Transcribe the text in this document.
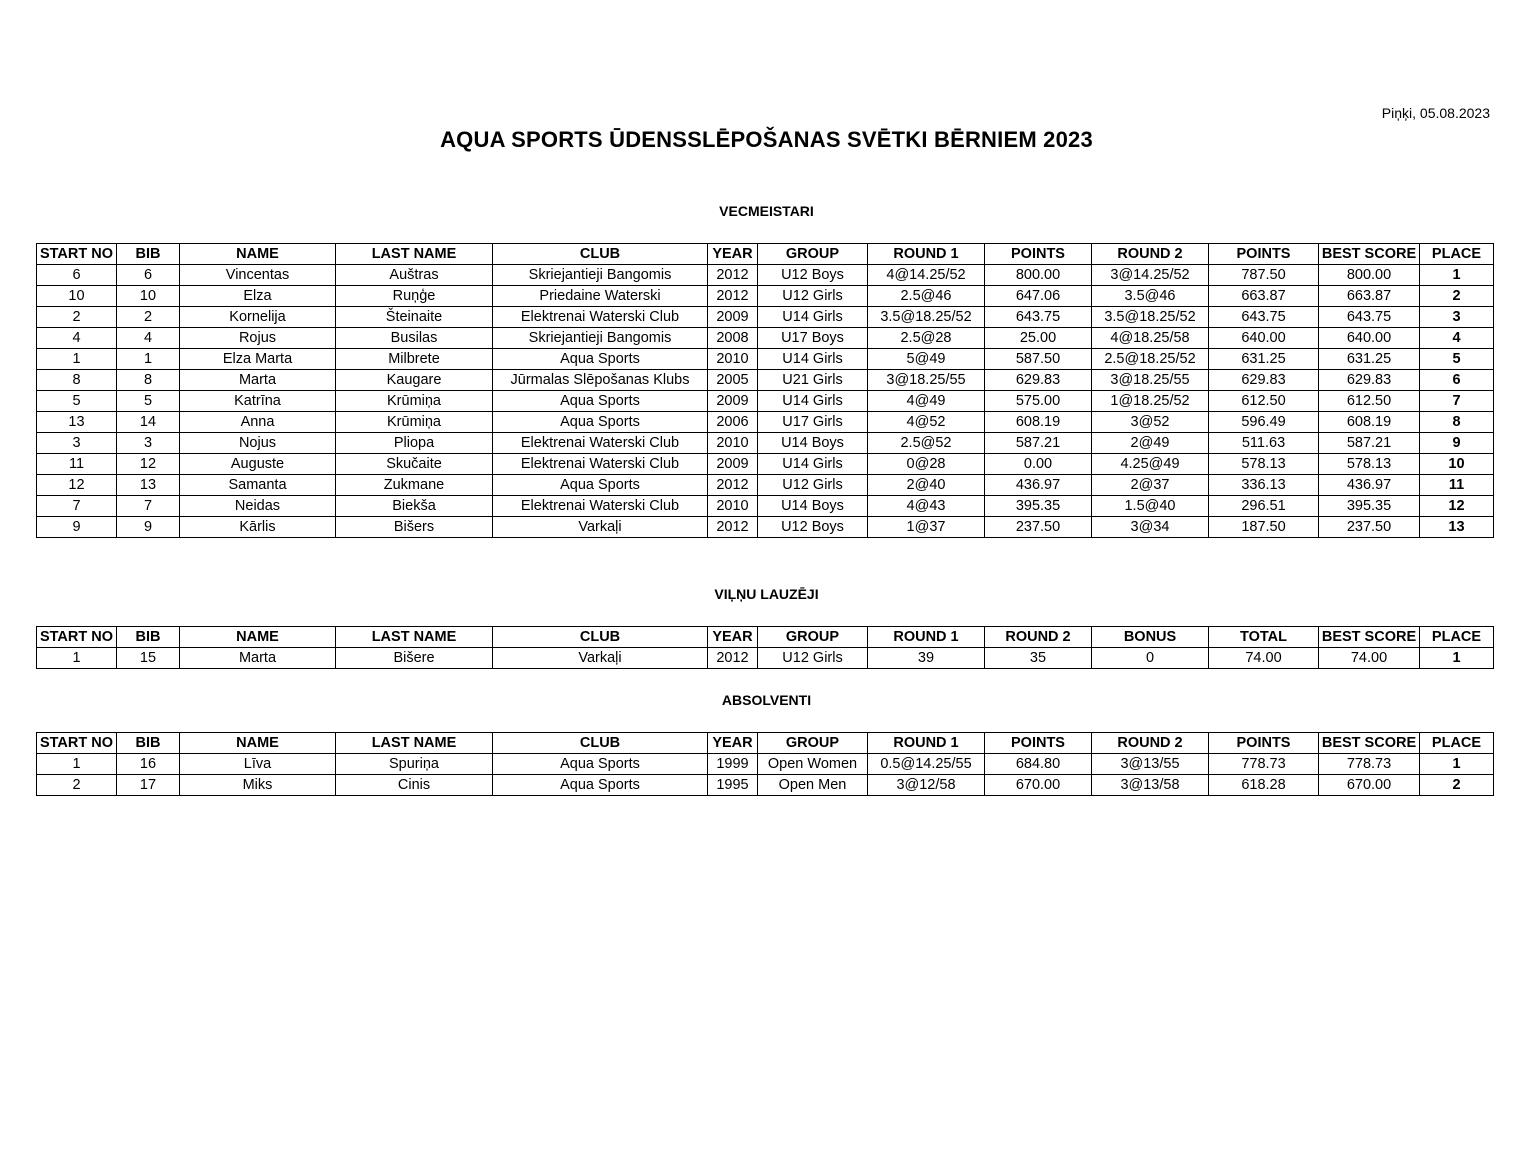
Piņķi, 05.08.2023
AQUA SPORTS ŪDENSSLĒPOŠANAS SVĒTKI BĒRNIEM 2023
VECMEISTARI
START NO	BIB	NAME	LAST NAME	CLUB	YEAR	GROUP	ROUND 1	POINTS	ROUND 2	POINTS	BEST SCORE	PLACE
6	6	Vincentas	Auštras	Skriejantieji Bangomis	2012	U12 Boys	4@14.25/52	800.00	3@14.25/52	787.50	800.00	1
10	10	Elza	Ruņģe	Priedaine Waterski	2012	U12 Girls	2.5@46	647.06	3.5@46	663.87	663.87	2
2	2	Kornelija	Šteinaite	Elektrenai Waterski Club	2009	U14 Girls	3.5@18.25/52	643.75	3.5@18.25/52	643.75	643.75	3
4	4	Rojus	Busilas	Skriejantieji Bangomis	2008	U17 Boys	2.5@28	25.00	4@18.25/58	640.00	640.00	4
1	1	Elza Marta	Milbrete	Aqua Sports	2010	U14 Girls	5@49	587.50	2.5@18.25/52	631.25	631.25	5
8	8	Marta	Kaugare	Jūrmalas Slēpošanas Klubs	2005	U21 Girls	3@18.25/55	629.83	3@18.25/55	629.83	629.83	6
5	5	Katrīna	Krūmiņa	Aqua Sports	2009	U14 Girls	4@49	575.00	1@18.25/52	612.50	612.50	7
13	14	Anna	Krūmiņa	Aqua Sports	2006	U17 Girls	4@52	608.19	3@52	596.49	608.19	8
3	3	Nojus	Pliopa	Elektrenai Waterski Club	2010	U14 Boys	2.5@52	587.21	2@49	511.63	587.21	9
11	12	Auguste	Skučaite	Elektrenai Waterski Club	2009	U14 Girls	0@28	0.00	4.25@49	578.13	578.13	10
12	13	Samanta	Zukmane	Aqua Sports	2012	U12 Girls	2@40	436.97	2@37	336.13	436.97	11
7	7	Neidas	Biekša	Elektrenai Waterski Club	2010	U14 Boys	4@43	395.35	1.5@40	296.51	395.35	12
9	9	Kārlis	Bišers	Varkaļi	2012	U12 Boys	1@37	237.50	3@34	187.50	237.50	13
VIĻŅU LAUZĒJI
START NO	BIB	NAME	LAST NAME	CLUB	YEAR	GROUP	ROUND 1	ROUND 2	BONUS	TOTAL	BEST SCORE	PLACE
1	15	Marta	Bišere	Varkaļi	2012	U12 Girls	39	35	0	74.00	74.00	1
ABSOLVENTI
START NO	BIB	NAME	LAST NAME	CLUB	YEAR	GROUP	ROUND 1	POINTS	ROUND 2	POINTS	BEST SCORE	PLACE
1	16	Līva	Spuriņa	Aqua Sports	1999	Open Women	0.5@14.25/55	684.80	3@13/55	778.73	778.73	1
2	17	Miks	Cinis	Aqua Sports	1995	Open Men	3@12/58	670.00	3@13/58	618.28	670.00	2
